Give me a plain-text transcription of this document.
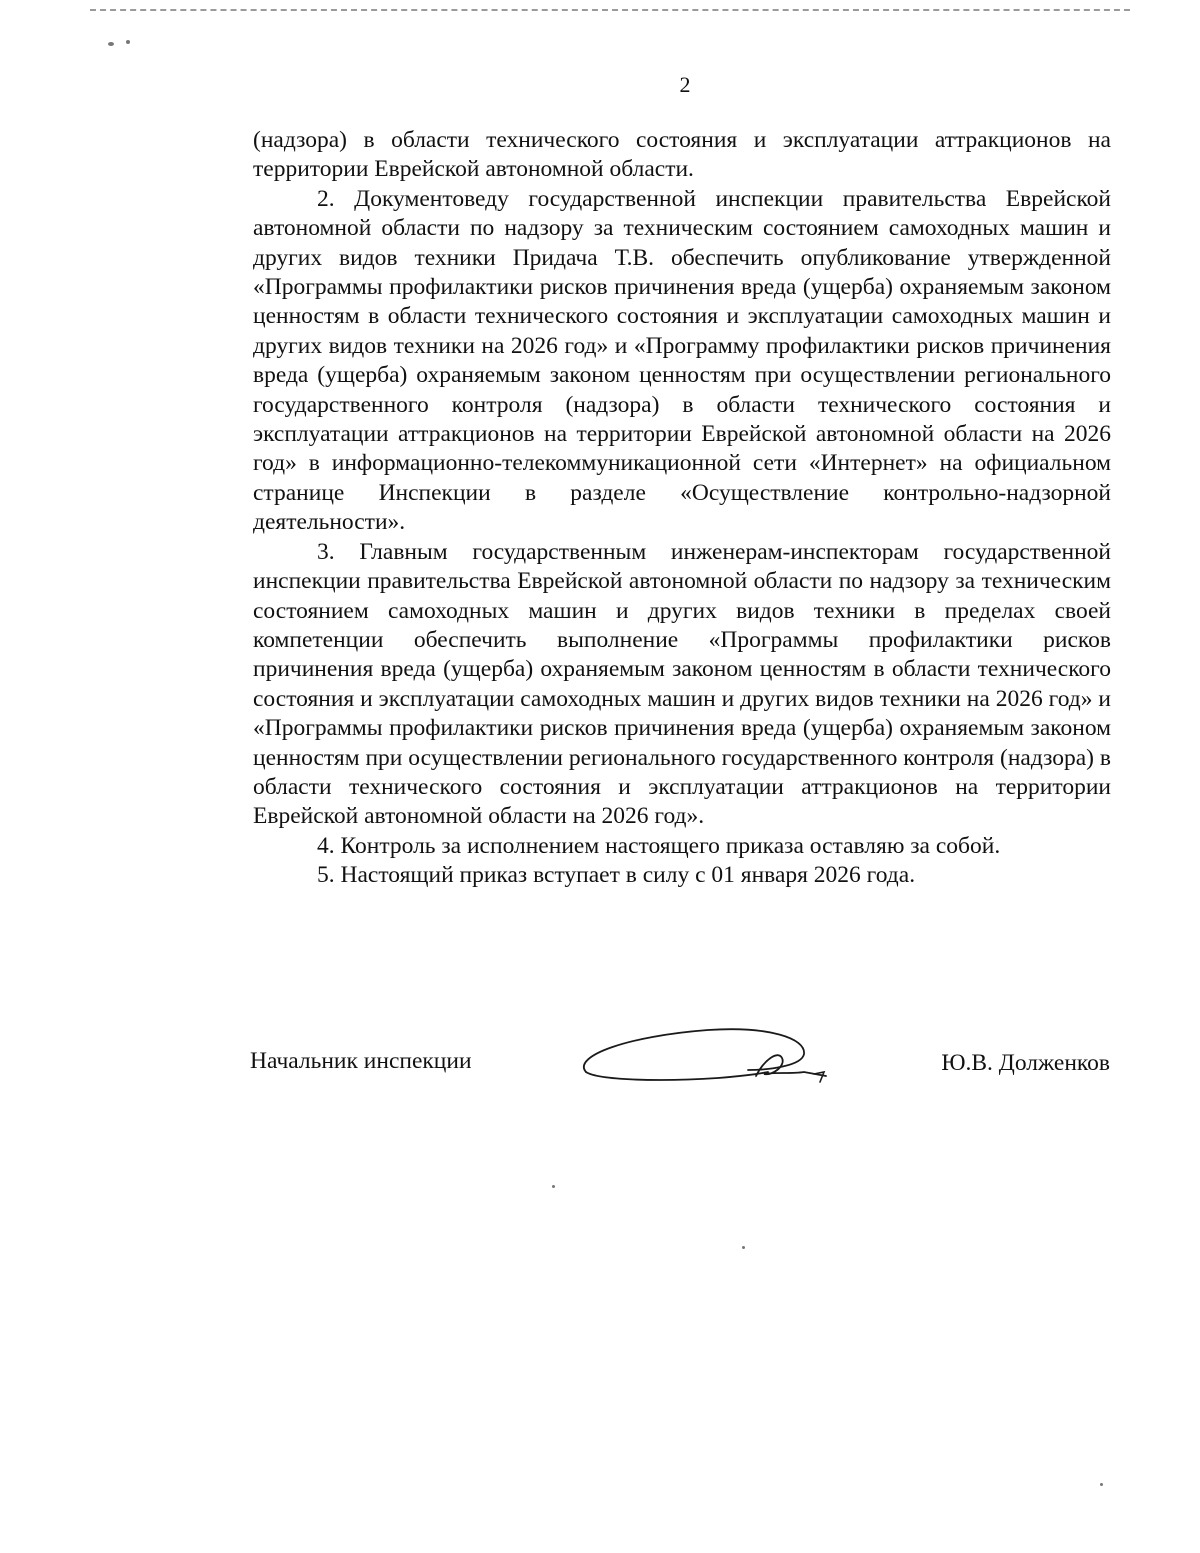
2

(надзора) в области технического состояния и эксплуатации аттракционов на территории Еврейской автономной области.

2. Документоведу государственной инспекции правительства Еврейской автономной области по надзору за техническим состоянием самоходных машин и других видов техники Придача Т.В. обеспечить опубликование утвержденной «Программы профилактики рисков причинения вреда (ущерба) охраняемым законом ценностям в области технического состояния и эксплуатации самоходных машин и других видов техники на 2026 год» и «Программу профилактики рисков причинения вреда (ущерба) охраняемым законом ценностям при осуществлении регионального государственного контроля (надзора) в области технического состояния и эксплуатации аттракционов на территории Еврейской автономной области на 2026 год» в информационно-телекоммуникационной сети «Интернет» на официальном странице Инспекции в разделе «Осуществление контрольно-надзорной деятельности».

3. Главным государственным инженерам-инспекторам государственной инспекции правительства Еврейской автономной области по надзору за техническим состоянием самоходных машин и других видов техники в пределах своей компетенции обеспечить выполнение «Программы профилактики рисков причинения вреда (ущерба) охраняемым законом ценностям в области технического состояния и эксплуатации самоходных машин и других видов техники на 2026 год» и «Программы профилактики рисков причинения вреда (ущерба) охраняемым законом ценностям при осуществлении регионального государственного контроля (надзора) в области технического состояния и эксплуатации аттракционов на территории Еврейской автономной области на 2026 год».

4. Контроль за исполнением настоящего приказа оставляю за собой.

5. Настоящий приказ вступает в силу с 01 января 2026 года.

Начальник инспекции	Ю.В. Долженков
